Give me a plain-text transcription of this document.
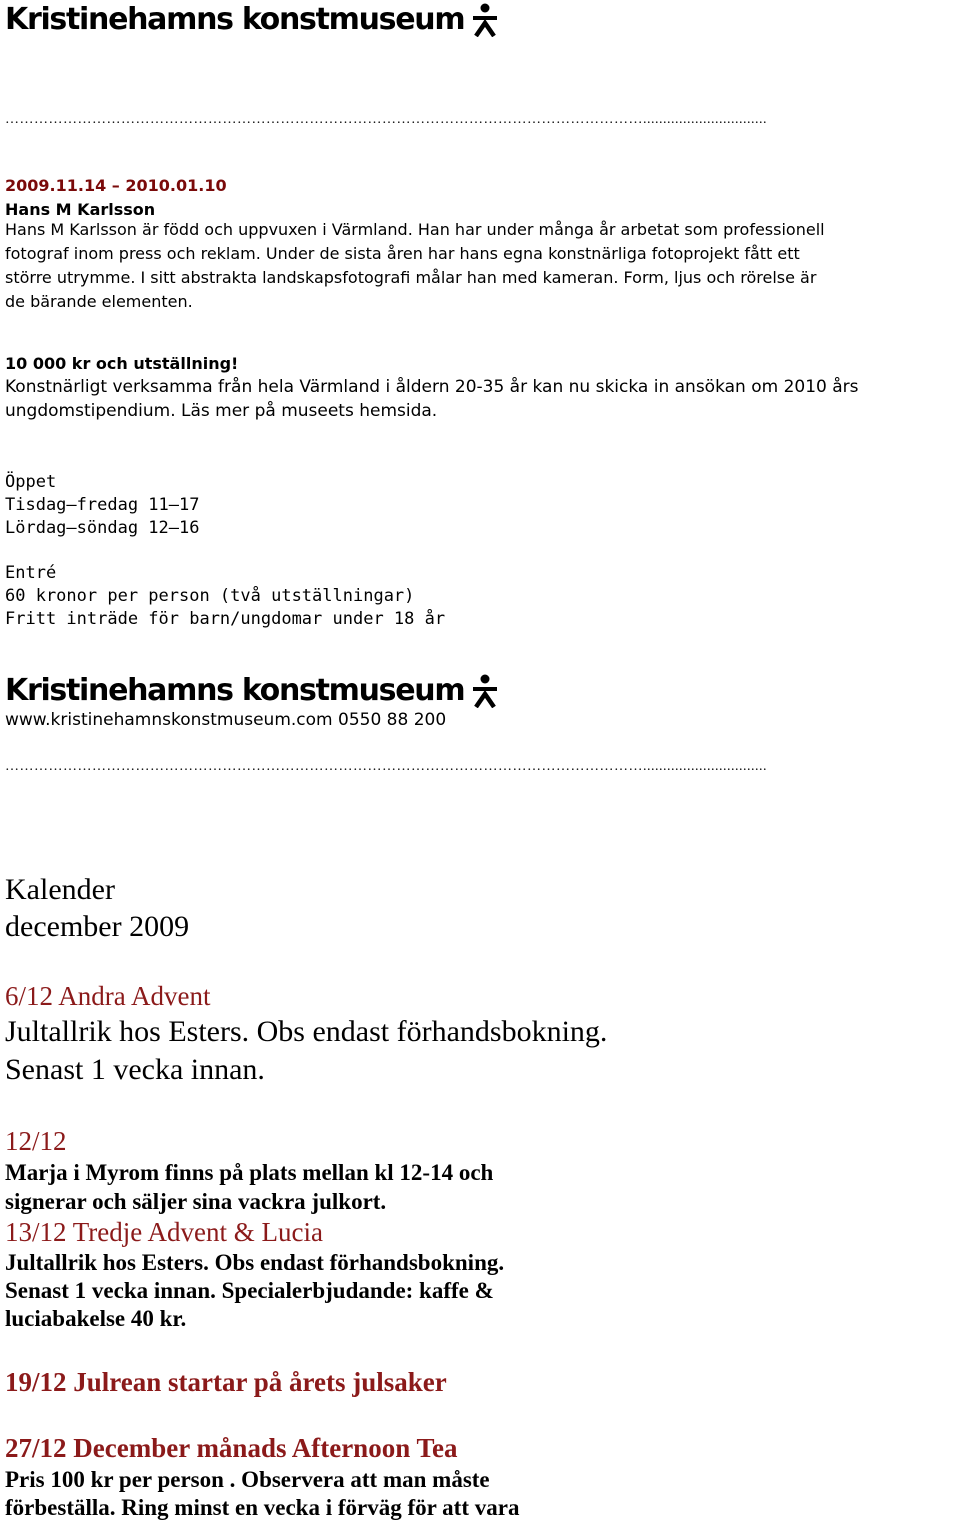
Kristinehamns konstmuseum
……………………………………………………………………………………………………………………...............................
2009.11.14 – 2010.01.10
Hans M Karlsson
Hans M Karlsson är född och uppvuxen i Värmland. Han har under många år arbetat som professionell
fotograf inom press och reklam. Under de sista åren har hans egna konstnärliga fotoprojekt fått ett
större utrymme. I sitt abstrakta landskapsfotografi målar han med kameran. Form, ljus och rörelse är
de bärande elementen.
10 000 kr och utställning!
Konstnärligt verksamma från hela Värmland i åldern 20-35 år kan nu skicka in ansökan om 2010 års
ungdomstipendium. Läs mer på museets hemsida.
Öppet
Tisdag–fredag 11–17
Lördag–söndag 12–16
Entré
60 kronor per person (två utställningar)
Fritt inträde för barn/ungdomar under 18 år
Kristinehamns konstmuseum
www.kristinehamnskonstmuseum.com 0550 88 200
……………………………………………………………………………………………………………………...............................
Kalender
december 2009
6/12 Andra Advent
Jultallrik hos Esters. Obs endast förhandsbokning.
Senast 1 vecka innan.
12/12
Marja i Myrom finns på plats mellan kl 12-14 och
signerar och säljer sina vackra julkort.
13/12 Tredje Advent & Lucia
Jultallrik hos Esters. Obs endast förhandsbokning.
Senast 1 vecka innan. Specialerbjudande: kaffe &
luciabakelse 40 kr.
19/12 Julrean startar på årets julsaker
27/12 December månads Afternoon Tea
Pris 100 kr per person . Observera att man måste
förbeställa. Ring minst en vecka i förväg för att vara
